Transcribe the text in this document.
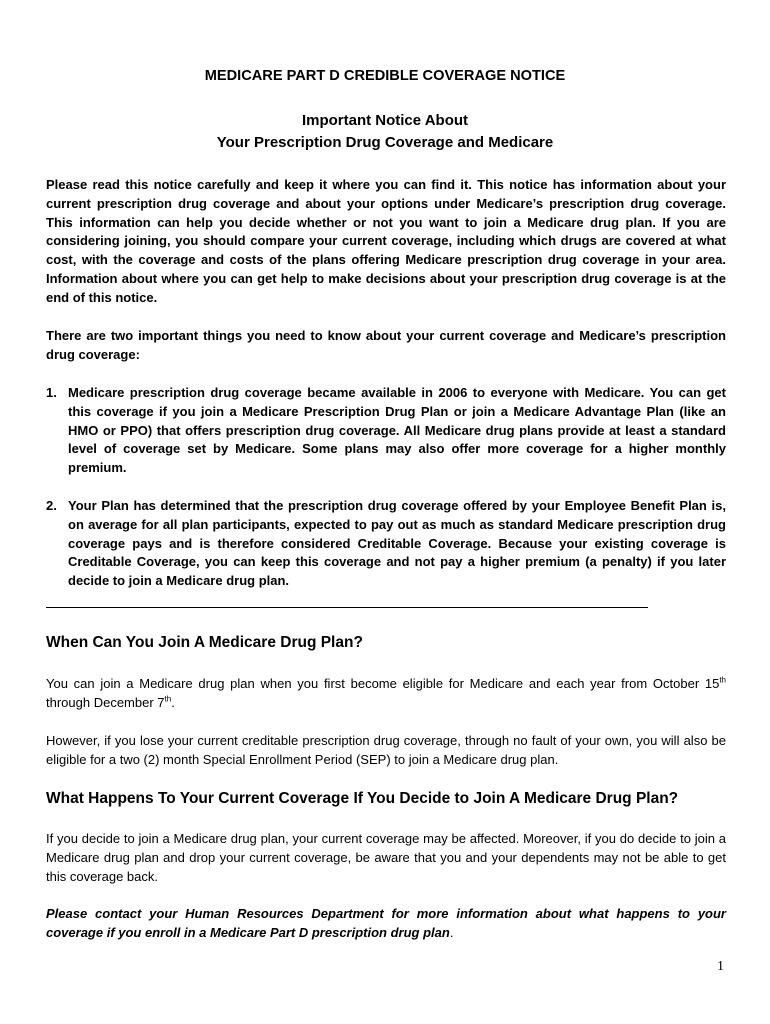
MEDICARE PART D CREDIBLE COVERAGE NOTICE
Important Notice About
Your Prescription Drug Coverage and Medicare

Please read this notice carefully and keep it where you can find it. This notice has information about your current prescription drug coverage and about your options under Medicare’s prescription drug coverage. This information can help you decide whether or not you want to join a Medicare drug plan. If you are considering joining, you should compare your current coverage, including which drugs are covered at what cost, with the coverage and costs of the plans offering Medicare prescription drug coverage in your area. Information about where you can get help to make decisions about your prescription drug coverage is at the end of this notice.

There are two important things you need to know about your current coverage and Medicare’s prescription drug coverage:

1. Medicare prescription drug coverage became available in 2006 to everyone with Medicare. You can get this coverage if you join a Medicare Prescription Drug Plan or join a Medicare Advantage Plan (like an HMO or PPO) that offers prescription drug coverage. All Medicare drug plans provide at least a standard level of coverage set by Medicare. Some plans may also offer more coverage for a higher monthly premium.
2. Your Plan has determined that the prescription drug coverage offered by your Employee Benefit Plan is, on average for all plan participants, expected to pay out as much as standard Medicare prescription drug coverage pays and is therefore considered Creditable Coverage. Because your existing coverage is Creditable Coverage, you can keep this coverage and not pay a higher premium (a penalty) if you later decide to join a Medicare drug plan.
When Can You Join A Medicare Drug Plan?

You can join a Medicare drug plan when you first become eligible for Medicare and each year from October 15th through December 7th.

However, if you lose your current creditable prescription drug coverage, through no fault of your own, you will also be eligible for a two (2) month Special Enrollment Period (SEP) to join a Medicare drug plan.

What Happens To Your Current Coverage If You Decide to Join A Medicare Drug Plan?

If you decide to join a Medicare drug plan, your current coverage may be affected. Moreover, if you do decide to join a Medicare drug plan and drop your current coverage, be aware that you and your dependents may not be able to get this coverage back.

Please contact your Human Resources Department for more information about what happens to your coverage if you enroll in a Medicare Part D prescription drug plan.

1
